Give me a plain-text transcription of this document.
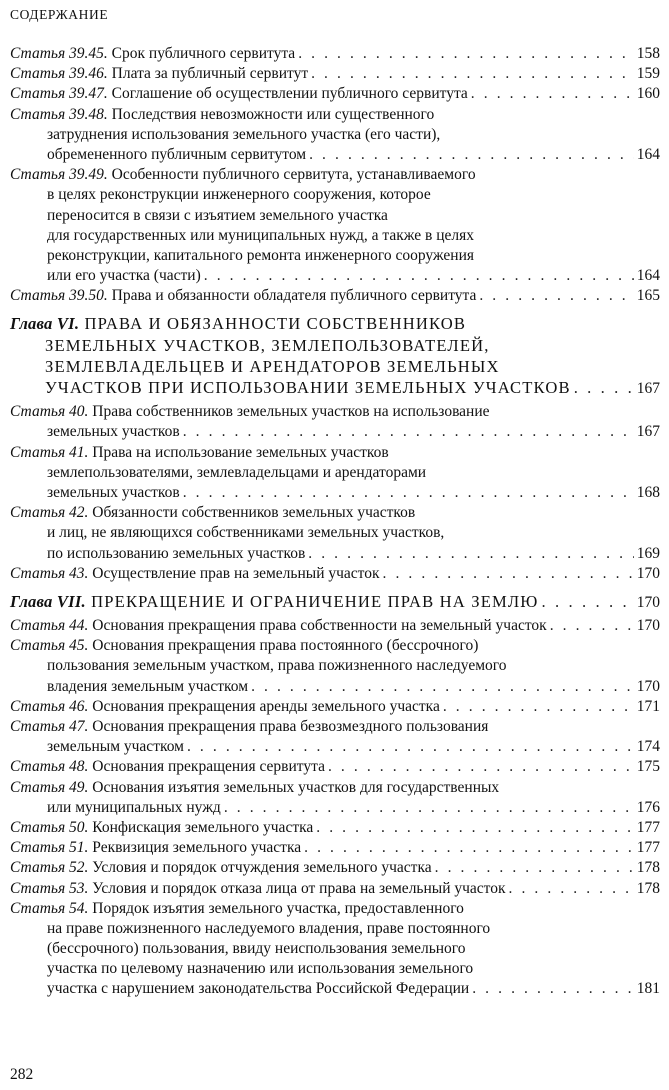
СОДЕРЖАНИЕ
Статья 39.45. Срок публичного сервитута . . .	158
Статья 39.46. Плата за публичный сервитут . . .	159
Статья 39.47. Соглашение об осуществлении публичного сервитута . . .	160
Статья 39.48. Последствия невозможности или существенного
затруднения использования земельного участка (его части),
обремененного публичным сервитутом . . .	164
Статья 39.49. Особенности публичного сервитута, устанавливаемого
в целях реконструкции инженерного сооружения, которое
переносится в связи с изъятием земельного участка
для государственных или муниципальных нужд, а также в целях
реконструкции, капитального ремонта инженерного сооружения
или его участка (части) . . .	164
Статья 39.50. Права и обязанности обладателя публичного сервитута . . .	165
Глава VI. ПРАВА И ОБЯЗАННОСТИ СОБСТВЕННИКОВ
ЗЕМЕЛЬНЫХ УЧАСТКОВ, ЗЕМЛЕПОЛЬЗОВАТЕЛЕЙ,
ЗЕМЛЕВЛАДЕЛЬЦЕВ И АРЕНДАТОРОВ ЗЕМЕЛЬНЫХ
УЧАСТКОВ ПРИ ИСПОЛЬЗОВАНИИ ЗЕМЕЛЬНЫХ УЧАСТКОВ . . .	167
Статья 40. Права собственников земельных участков на использование
земельных участков . . .	167
Статья 41. Права на использование земельных участков
землепользователями, землевладельцами и арендаторами
земельных участков . . .	168
Статья 42. Обязанности собственников земельных участков
и лиц, не являющихся собственниками земельных участков,
по использованию земельных участков . . .	169
Статья 43. Осуществление прав на земельный участок . . .	170
Глава VII. ПРЕКРАЩЕНИЕ И ОГРАНИЧЕНИЕ ПРАВ НА ЗЕМЛЮ . . .	170
Статья 44. Основания прекращения права собственности на земельный участок . . .	170
Статья 45. Основания прекращения права постоянного (бессрочного)
пользования земельным участком, права пожизненного наследуемого
владения земельным участком . . .	170
Статья 46. Основания прекращения аренды земельного участка . . .	171
Статья 47. Основания прекращения права безвозмездного пользования
земельным участком . . .	174
Статья 48. Основания прекращения сервитута . . .	175
Статья 49. Основания изъятия земельных участков для государственных
или муниципальных нужд . . .	176
Статья 50. Конфискация земельного участка . . .	177
Статья 51. Реквизиция земельного участка . . .	177
Статья 52. Условия и порядок отчуждения земельного участка . . .	178
Статья 53. Условия и порядок отказа лица от права на земельный участок . . .	178
Статья 54. Порядок изъятия земельного участка, предоставленного
на праве пожизненного наследуемого владения, праве постоянного
(бессрочного) пользования, ввиду неиспользования земельного
участка по целевому назначению или использования земельного
участка с нарушением законодательства Российской Федерации . . .	181
282
